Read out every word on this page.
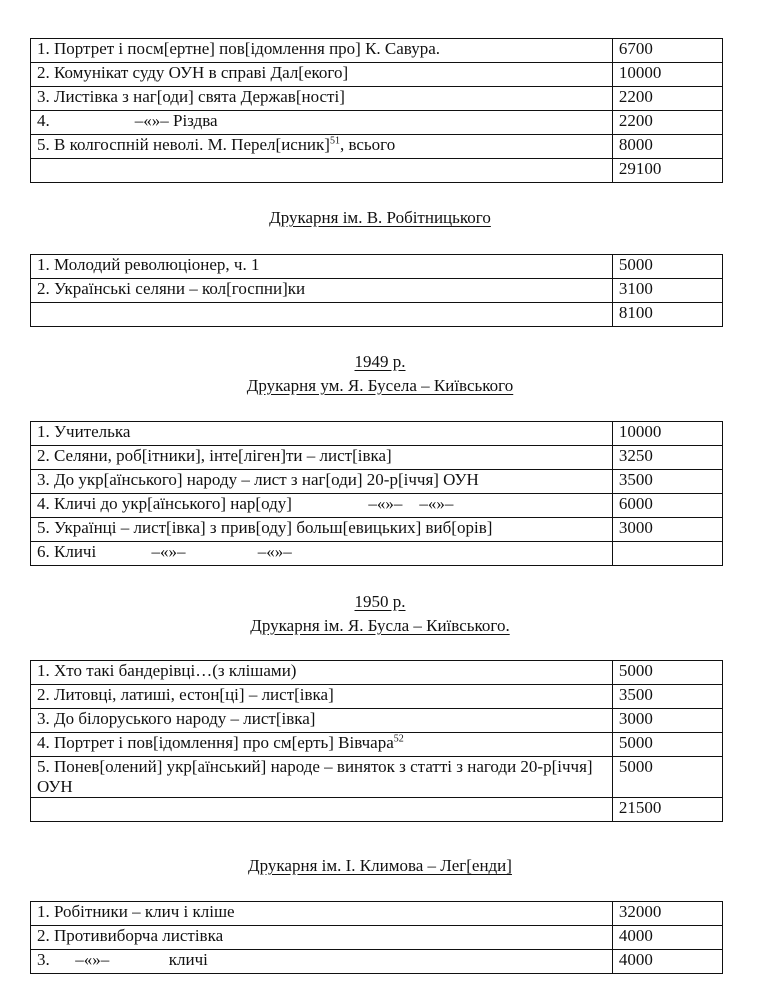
1. Портрет і посм[ертне] пов[ідомлення про] К. Савура.	6700
2. Комунікат суду ОУН в справі Дал[екого]	10000
3. Листівка з наг[оди] свята Держав[ності]	2200
4.                    –«»– Різдва	2200
5. В колгоспній неволі. М. Перел[исник]$^{51}$, всього	8000
	29100
Друкарня ім. В. Робітницького
1. Молодий революціонер, ч. 1	5000
2. Українські селяни – кол[госпни]ки	3100
	8100
1949 р.
Друкарня ум. Я. Бусела – Київського
1. Учителька	10000
2. Селяни, роб[ітники], інте[ліген]ти – лист[івка]	3250
3. До укр[аїнського] народу – лист з наг[оди] 20-р[іччя] ОУН	3500
4. Кличі до укр[аїнського] нар[оду]                  –«»–    –«»–	6000
5. Українці – лист[івка] з прив[оду] больш[евицьких] виб[орів]	3000
6. Кличі             –«»–                 –«»–	
1950 р.
Друкарня ім. Я. Бусла – Київського.
1. Хто такі бандерівці…(з клішами)	5000
2. Литовці, латиші, естон[ці] – лист[івка]	3500
3. До білоруського народу – лист[івка]	3000
4. Портрет і пов[ідомлення] про см[ерть] Вівчара$^{52}$	5000
5. Понев[олений] укр[аїнський] народе – виняток з статті з нагоди 20-р[іччя] ОУН	5000
	21500
Друкарня ім. І. Климова – Лег[енди]
1. Робітники – клич і кліше	32000
2. Противиборча листівка	4000
3.      –«»–              кличі	4000
